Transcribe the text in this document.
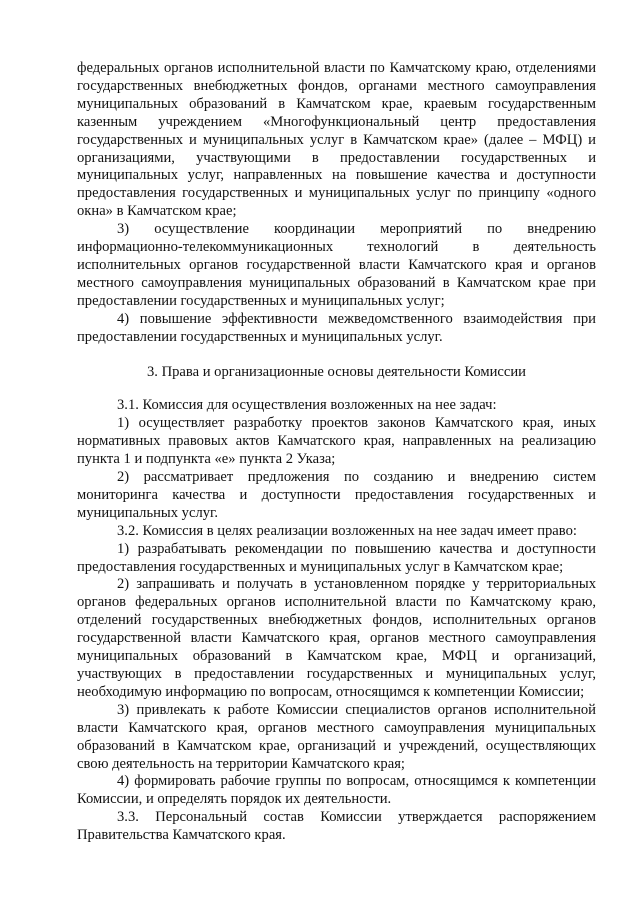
федеральных органов исполнительной власти по Камчатскому краю, отделениями государственных внебюджетных фондов, органами местного самоуправления муниципальных образований в Камчатском крае, краевым государственным казенным учреждением «Многофункциональный центр предоставления государственных и муниципальных услуг в Камчатском крае» (далее – МФЦ) и организациями, участвующими в предоставлении государственных и муниципальных услуг, направленных на повышение качества и доступности предоставления государственных и муниципальных услуг по принципу «одного окна» в Камчатском крае;

3) осуществление координации мероприятий по внедрению информационно-телекоммуникационных технологий в деятельность исполнительных органов государственной власти Камчатского края и органов местного самоуправления муниципальных образований в Камчатском крае при предоставлении государственных и муниципальных услуг;

4) повышение эффективности межведомственного взаимодействия при предоставлении государственных и муниципальных услуг.

3. Права и организационные основы деятельности Комиссии

3.1. Комиссия для осуществления возложенных на нее задач:

1) осуществляет разработку проектов законов Камчатского края, иных нормативных правовых актов Камчатского края, направленных на реализацию пункта 1 и подпункта «е» пункта 2 Указа;

2) рассматривает предложения по созданию и внедрению систем мониторинга качества и доступности предоставления государственных и муниципальных услуг.

3.2. Комиссия в целях реализации возложенных на нее задач имеет право:

1) разрабатывать рекомендации по повышению качества и доступности предоставления государственных и муниципальных услуг в Камчатском крае;

2) запрашивать и получать в установленном порядке у территориальных органов федеральных органов исполнительной власти по Камчатскому краю, отделений государственных внебюджетных фондов, исполнительных органов государственной власти Камчатского края, органов местного самоуправления муниципальных образований в Камчатском крае, МФЦ и организаций, участвующих в предоставлении государственных и муниципальных услуг, необходимую информацию по вопросам, относящимся к компетенции Комиссии;

3) привлекать к работе Комиссии специалистов органов исполнительной власти Камчатского края, органов местного самоуправления муниципальных образований в Камчатском крае, организаций и учреждений, осуществляющих свою деятельность на территории Камчатского края;

4) формировать рабочие группы по вопросам, относящимся к компетенции Комиссии, и определять порядок их деятельности.

3.3. Персональный состав Комиссии утверждается распоряжением Правительства Камчатского края.
